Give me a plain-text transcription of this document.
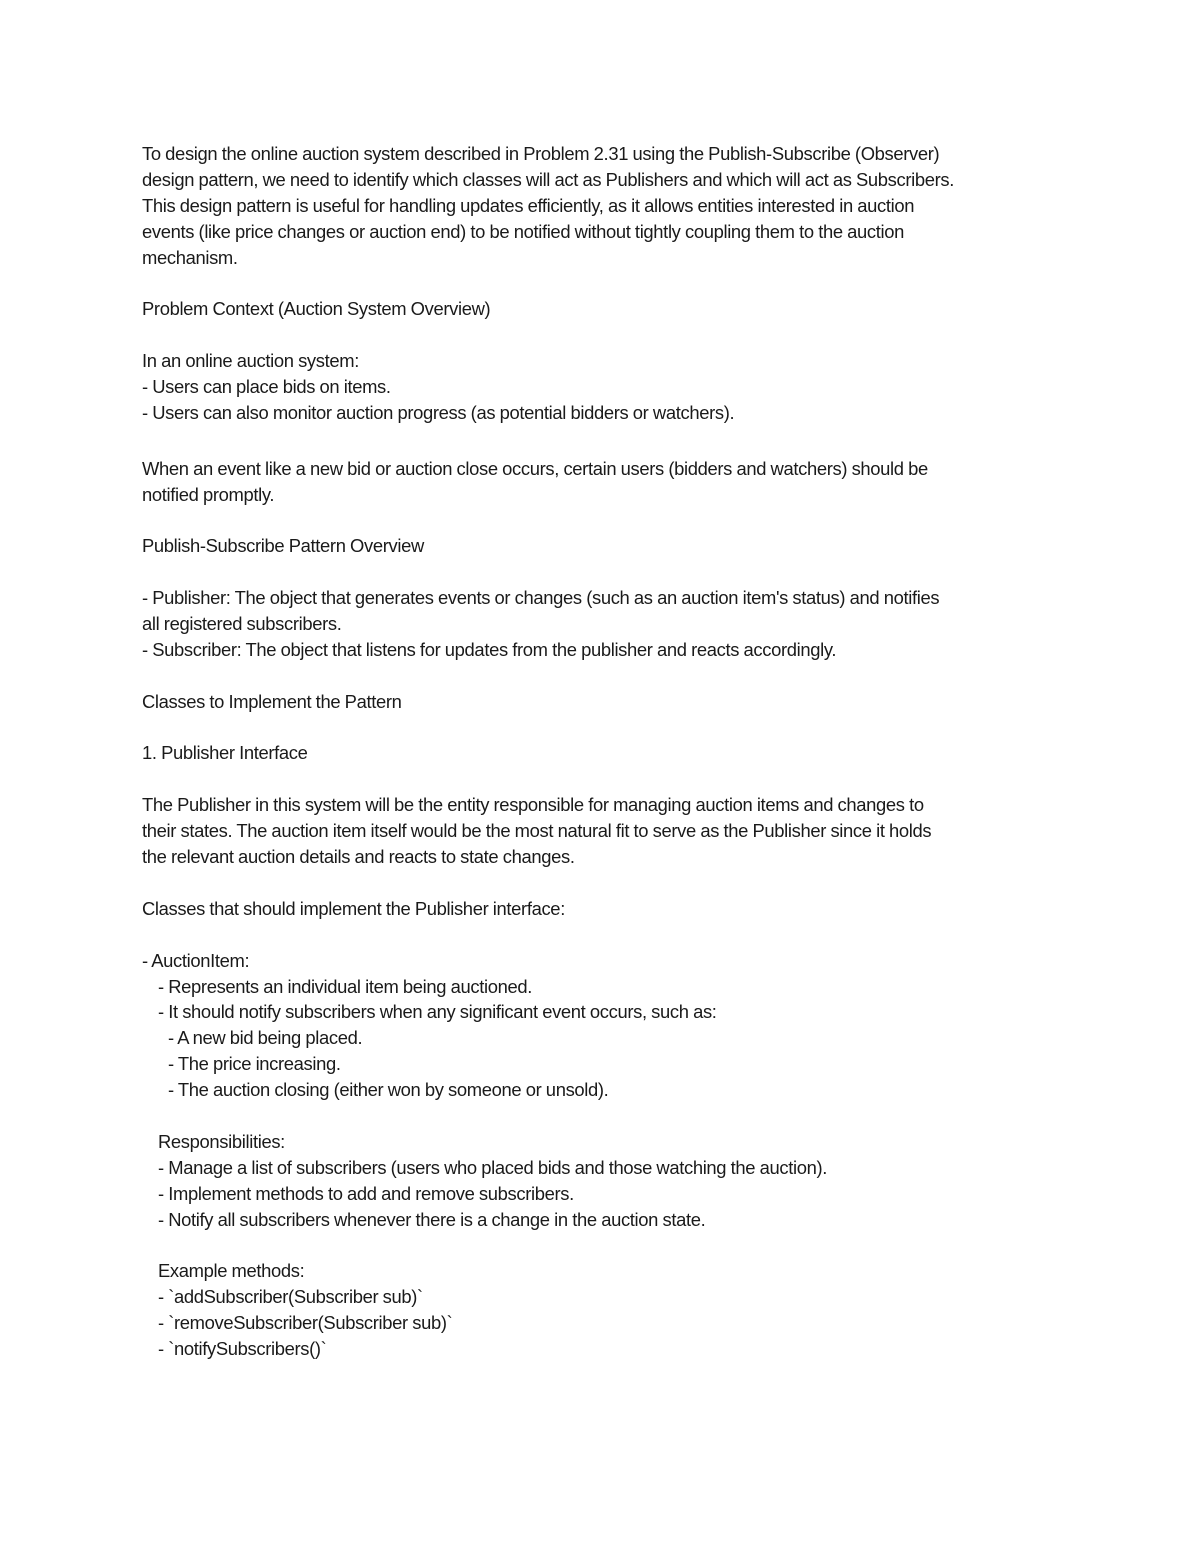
To design the online auction system described in Problem 2.31 using the Publish-Subscribe (Observer)
design pattern, we need to identify which classes will act as Publishers and which will act as Subscribers.
This design pattern is useful for handling updates efficiently, as it allows entities interested in auction
events (like price changes or auction end) to be notified without tightly coupling them to the auction
mechanism.
Problem Context (Auction System Overview)
In an online auction system:
- Users can place bids on items.
- Users can also monitor auction progress (as potential bidders or watchers).
When an event like a new bid or auction close occurs, certain users (bidders and watchers) should be
notified promptly.
Publish-Subscribe Pattern Overview
- Publisher: The object that generates events or changes (such as an auction item's status) and notifies
all registered subscribers.
- Subscriber: The object that listens for updates from the publisher and reacts accordingly.
Classes to Implement the Pattern
1. Publisher Interface
The Publisher in this system will be the entity responsible for managing auction items and changes to
their states. The auction item itself would be the most natural fit to serve as the Publisher since it holds
the relevant auction details and reacts to state changes.
Classes that should implement the Publisher interface:
- AuctionItem:
- Represents an individual item being auctioned.
- It should notify subscribers when any significant event occurs, such as:
- A new bid being placed.
- The price increasing.
- The auction closing (either won by someone or unsold).
Responsibilities:
- Manage a list of subscribers (users who placed bids and those watching the auction).
- Implement methods to add and remove subscribers.
- Notify all subscribers whenever there is a change in the auction state.
Example methods:
- `addSubscriber(Subscriber sub)`
- `removeSubscriber(Subscriber sub)`
- `notifySubscribers()`
